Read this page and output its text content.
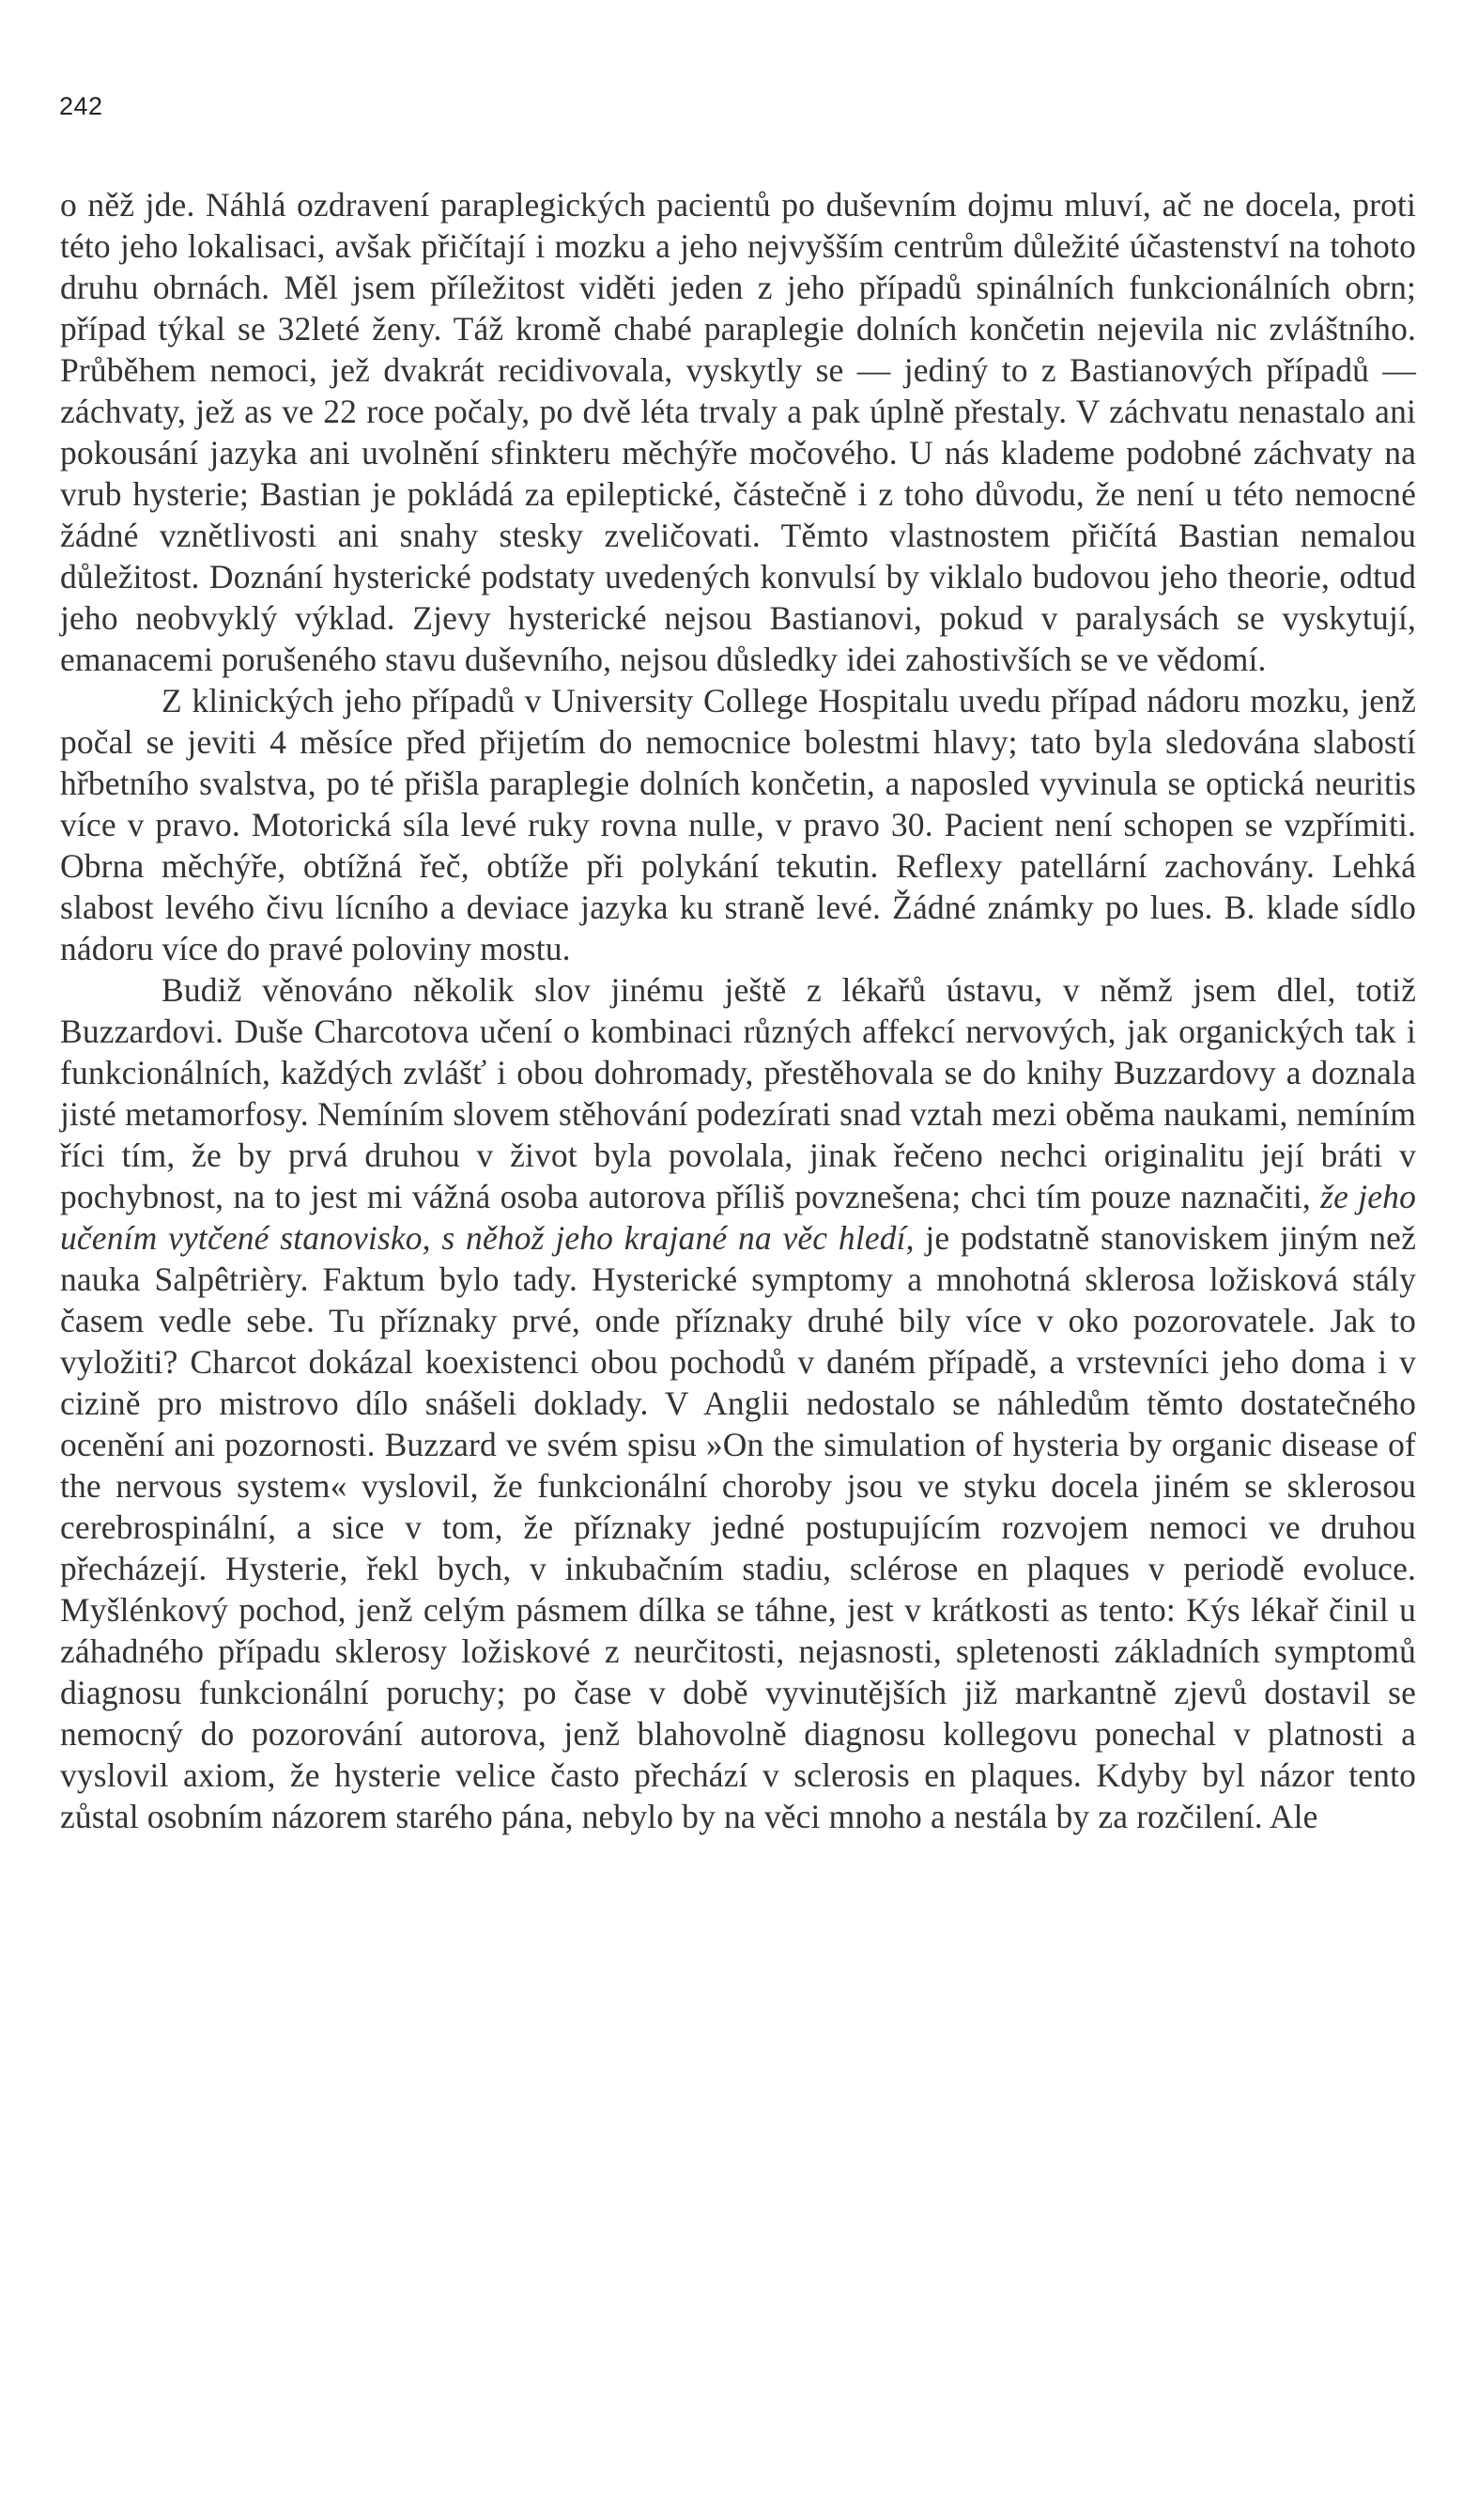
242

o něž jde. Náhlá ozdravení paraplegických pacientů po duševním dojmu mluví, ač ne docela, proti této jeho lokalisaci, avšak přičítají i mozku a jeho nejvyšším centrům důležité účastenství na tohoto druhu obrnách. Měl jsem příležitost viděti jeden z jeho případů spinálních funkcionálních obrn; případ týkal se 32leté ženy. Táž kromě chabé paraplegie dolních končetin nejevila nic zvláštního. Průběhem nemoci, jež dvakrát recidivovala, vyskytly se — jediný to z Bastianových případů — záchvaty, jež as ve 22 roce počaly, po dvě léta trvaly a pak úplně přestaly. V záchvatu nenastalo ani pokousání jazyka ani uvolnění sfinkteru měchýře močového. U nás klademe podobné záchvaty na vrub hysterie; Bastian je pokládá za epileptické, částečně i z toho důvodu, že není u této nemocné žádné vznětlivosti ani snahy stesky zveličovati. Těmto vlastnostem přičítá Bastian nemalou důležitost. Doznání hysterické podstaty uvedených konvulsí by viklalo budovou jeho theorie, odtud jeho neobvyklý výklad. Zjevy hysterické nejsou Bastianovi, pokud v paralysách se vyskytují, emanacemi porušeného stavu duševního, nejsou důsledky idei zahostivších se ve vědomí.

Z klinických jeho případů v University College Hospitalu uvedu případ nádoru mozku, jenž počal se jeviti 4 měsíce před přijetím do nemocnice bolestmi hlavy; tato byla sledována slabostí hřbetního svalstva, po té přišla paraplegie dolních končetin, a naposled vyvinula se optická neuritis více v pravo. Motorická síla levé ruky rovna nulle, v pravo 30. Pacient není schopen se vzpřímiti. Obrna měchýře, obtížná řeč, obtíže při polykání tekutin. Reflexy patellární zachovány. Lehká slabost levého čivu lícního a deviace jazyka ku straně levé. Žádné známky po lues. B. klade sídlo nádoru více do pravé poloviny mostu.

Budiž věnováno několik slov jinému ještě z lékařů ústavu, v němž jsem dlel, totiž Buzzardovi. Duše Charcotova učení o kombinaci různých affekcí nervových, jak organických tak i funkcionálních, každých zvlášť i obou dohromady, přestěhovala se do knihy Buzzardovy a doznala jisté metamorfosy. Nemíním slovem stěhování podezírati snad vztah mezi oběma naukami, nemíním říci tím, že by prvá druhou v život byla povolala, jinak řečeno nechci originalitu její bráti v pochybnost, na to jest mi vážná osoba autorova příliš povznešena; chci tím pouze naznačiti, že jeho učením vytčené stanovisko, s něhož jeho krajané na věc hledí, je podstatně stanoviskem jiným než nauka Salpêtrièry. Faktum bylo tady. Hysterické symptomy a mnohotná sklerosa ložisková stály časem vedle sebe. Tu příznaky prvé, onde příznaky druhé bily více v oko pozorovatele. Jak to vyložiti? Charcot dokázal koexistenci obou pochodů v daném případě, a vrstevníci jeho doma i v cizině pro mistrovo dílo snášeli doklady. V Anglii nedostalo se náhledům těmto dostatečného ocenění ani pozornosti. Buzzard ve svém spisu »On the simulation of hysteria by organic disease of the nervous system« vyslovil, že funkcionální choroby jsou ve styku docela jiném se sklerosou cerebrospinální, a sice v tom, že příznaky jedné postupujícím rozvojem nemoci ve druhou přecházejí. Hysterie, řekl bych, v inkubačním stadiu, sclérose en plaques v periodě evoluce. Myšlénkový pochod, jenž celým pásmem dílka se táhne, jest v krátkosti as tento: Kýs lékař činil u záhadného případu sklerosy ložiskové z neurčitosti, nejasnosti, spletenosti základních symptomů diagnosu funkcionální poruchy; po čase v době vyvinutějších již markantně zjevů dostavil se nemocný do pozorování autorova, jenž blahovolně diagnosu kollegovu ponechal v platnosti a vyslovil axiom, že hysterie velice často přechází v sclerosis en plaques. Kdyby byl názor tento zůstal osobním názorem starého pána, nebylo by na věci mnoho a nestála by za rozčilení. Ale
